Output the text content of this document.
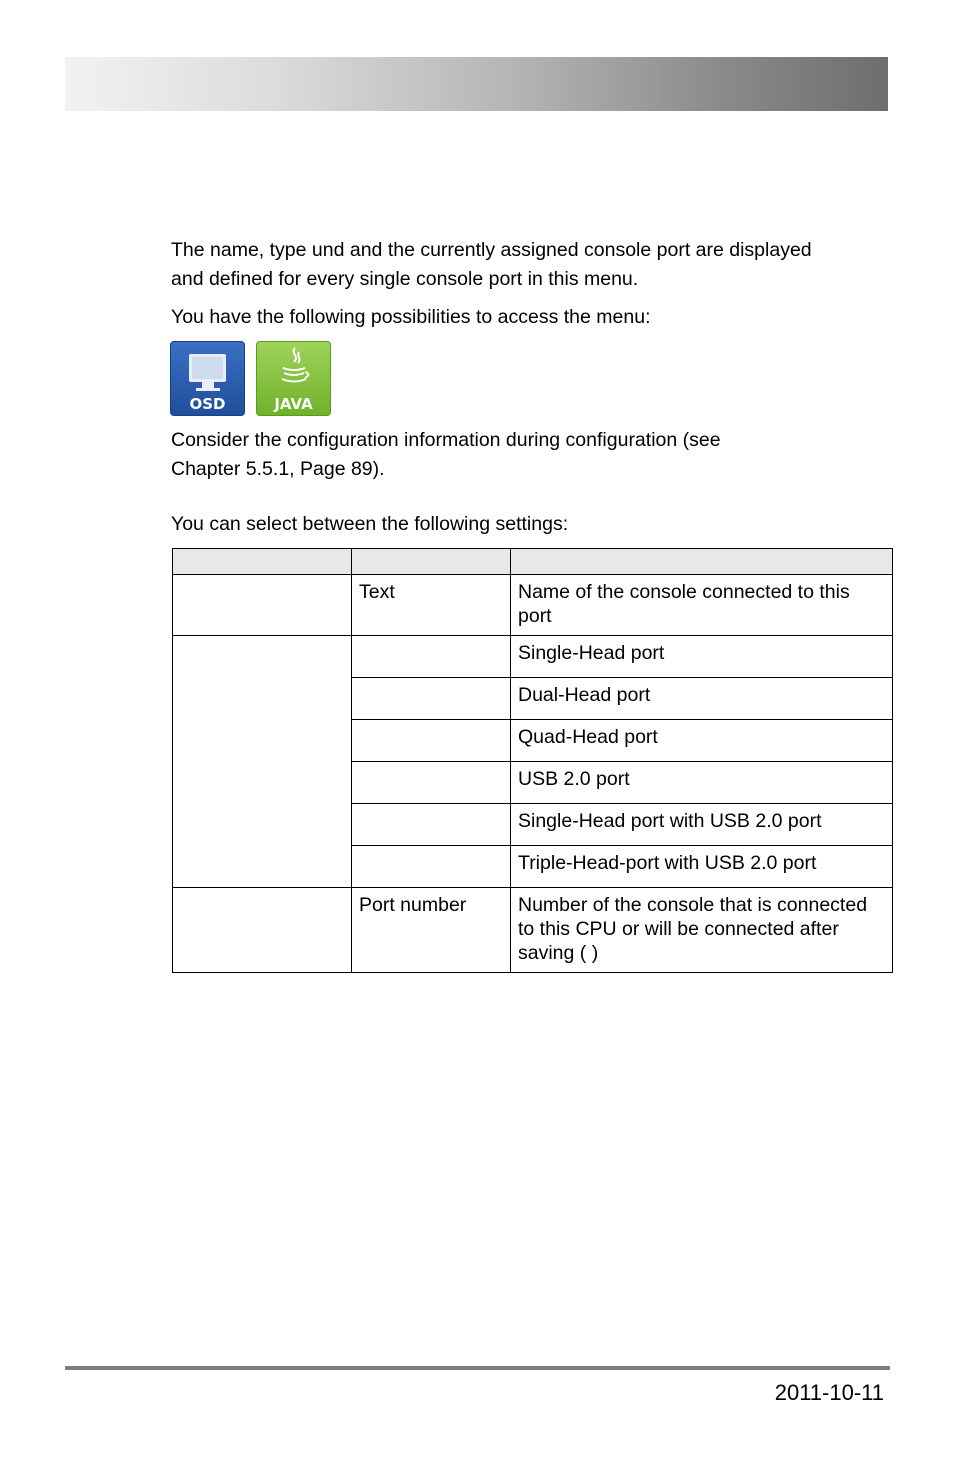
The name, type und and the currently assigned console port are displayed

and defined for every single console port in this menu.

You have the following possibilities to access the menu:

OSD	JAVA

Consider the configuration information during configuration (see

Chapter 5.5.1, Page 89).

You can select between the following settings:

	Text	Name of the console connected to this port
		Single-Head port
		Dual-Head port
		Quad-Head port
		USB 2.0 port
		Single-Head port with USB 2.0 port
		Triple-Head-port with USB 2.0 port
	Port number	Number of the console that is connected to this CPU or will be connected after saving ( )
2011-10-11
